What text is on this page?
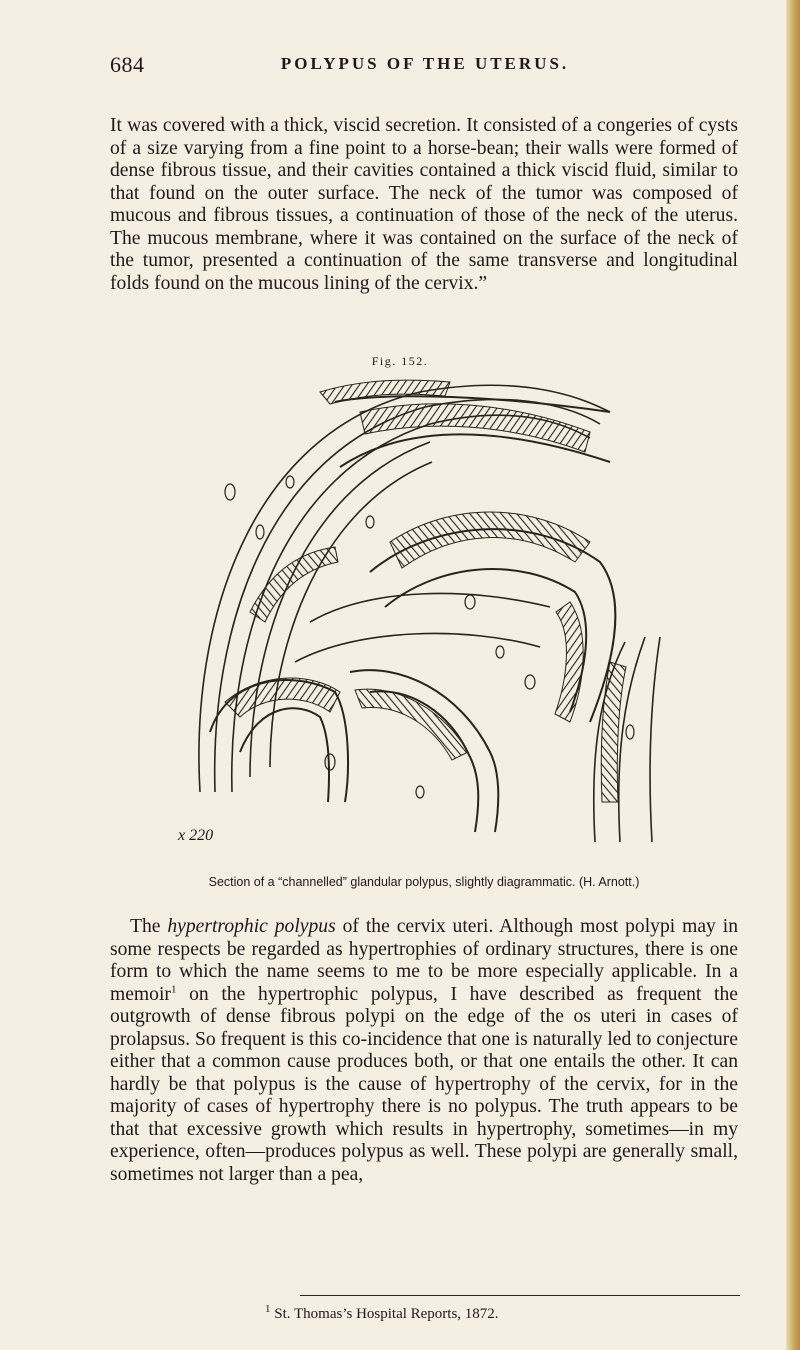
684	POLYPUS OF THE UTERUS.

It was covered with a thick, viscid secretion. It consisted of a congeries of cysts of a size varying from a fine point to a horse-bean; their walls were formed of dense fibrous tissue, and their cavities contained a thick viscid fluid, similar to that found on the outer surface. The neck of the tumor was composed of mucous and fibrous tissues, a continuation of those of the neck of the uterus. The mucous membrane, where it was contained on the surface of the neck of the tumor, presented a continuation of the same transverse and longitudinal folds found on the mucous lining of the cervix.”

Fig. 152.
x 220
Section of a “channelled” glandular polypus, slightly diagrammatic. (H. Arnott.)

The hypertrophic polypus of the cervix uteri. Although most polypi may in some respects be regarded as hypertrophies of ordinary structures, there is one form to which the name seems to me to be more especially applicable. In a memoir$^1$ on the hypertrophic polypus, I have described as frequent the outgrowth of dense fibrous polypi on the edge of the os uteri in cases of prolapsus. So frequent is this co-incidence that one is naturally led to conjecture either that a common cause produces both, or that one entails the other. It can hardly be that polypus is the cause of hypertrophy of the cervix, for in the majority of cases of hypertrophy there is no polypus. The truth appears to be that that excessive growth which results in hypertrophy, sometimes—in my experience, often—produces polypus as well. These polypi are generally small, sometimes not larger than a pea,

$^1$ St. Thomas’s Hospital Reports, 1872.
